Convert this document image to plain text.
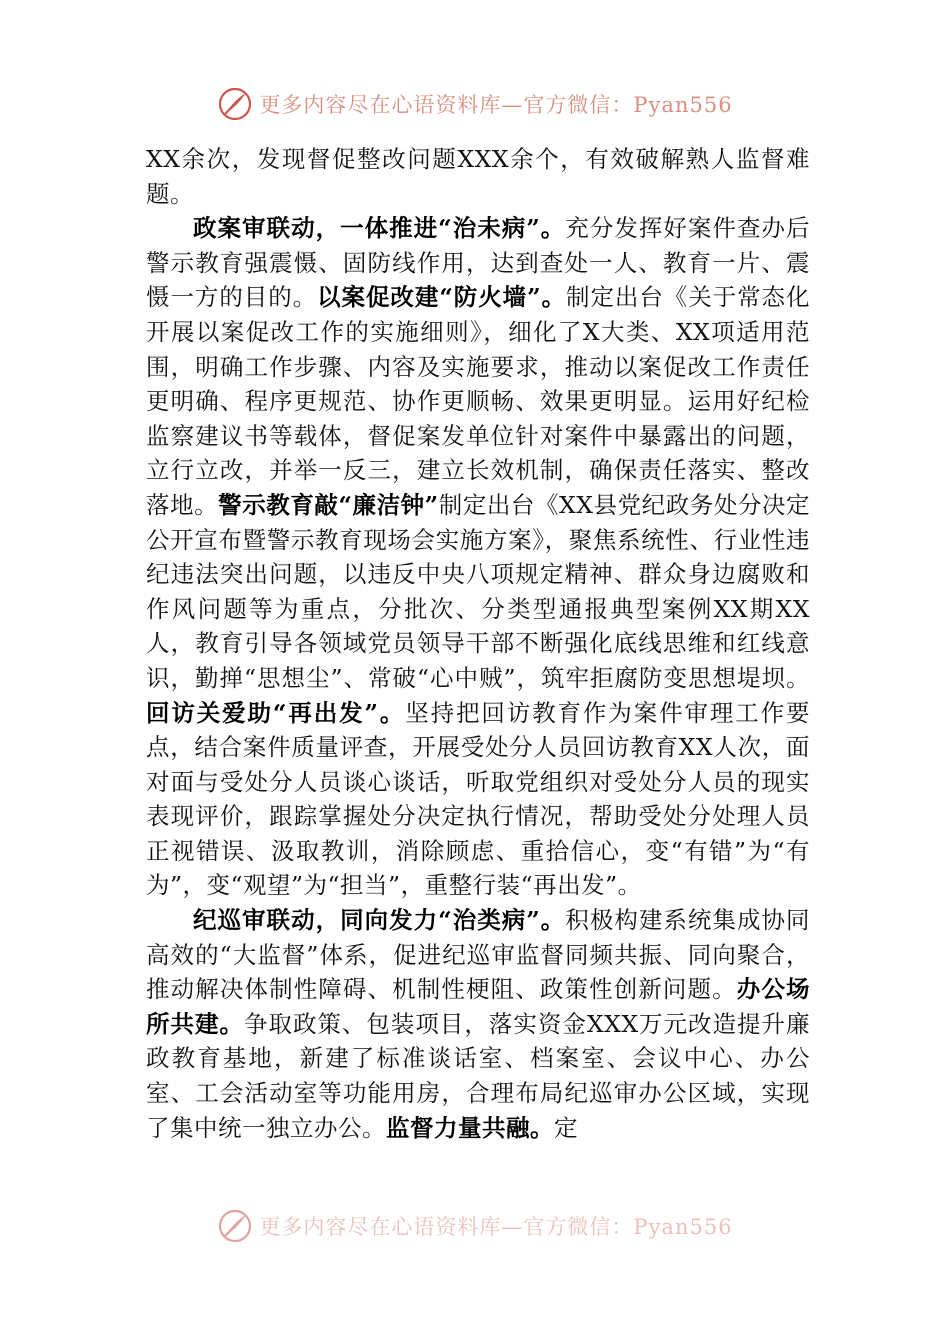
更多内容尽在心语资料库—官方微信：Pyan556

XX余次，发现督促整改问题XXX余个，有效破解熟人监督难题。

政案审联动，一体推进“治未病”。充分发挥好案件查办后警示教育强震慑、固防线作用，达到查处一人、教育一片、震慑一方的目的。以案促改建“防火墙”。制定出台《关于常态化开展以案促改工作的实施细则》，细化了X大类、XX项适用范围，明确工作步骤、内容及实施要求，推动以案促改工作责任更明确、程序更规范、协作更顺畅、效果更明显。运用好纪检监察建议书等载体，督促案发单位针对案件中暴露出的问题，立行立改，并举一反三，建立长效机制，确保责任落实、整改落地。警示教育敲“廉洁钟”制定出台《XX县党纪政务处分决定公开宣布暨警示教育现场会实施方案》，聚焦系统性、行业性违纪违法突出问题，以违反中央八项规定精神、群众身边腐败和作风问题等为重点，分批次、分类型通报典型案例XX期XX人，教育引导各领域党员领导干部不断强化底线思维和红线意识，勤掸“思想尘”、常破“心中贼”，筑牢拒腐防变思想堤坝。回访关爱助“再出发”。坚持把回访教育作为案件审理工作要点，结合案件质量评查，开展受处分人员回访教育XX人次，面对面与受处分人员谈心谈话，听取党组织对受处分人员的现实表现评价，跟踪掌握处分决定执行情况，帮助受处分处理人员正视错误、汲取教训，消除顾虑、重拾信心，变“有错”为“有为”，变“观望”为“担当”，重整行装“再出发”。

纪巡审联动，同向发力“治类病”。积极构建系统集成协同高效的“大监督”体系，促进纪巡审监督同频共振、同向聚合，推动解决体制性障碍、机制性梗阻、政策性创新问题。办公场所共建。争取政策、包装项目，落实资金XXX万元改造提升廉政教育基地，新建了标准谈话室、档案室、会议中心、办公室、工会活动室等功能用房，合理布局纪巡审办公区域，实现了集中统一独立办公。监督力量共融。定

更多内容尽在心语资料库—官方微信：Pyan556
